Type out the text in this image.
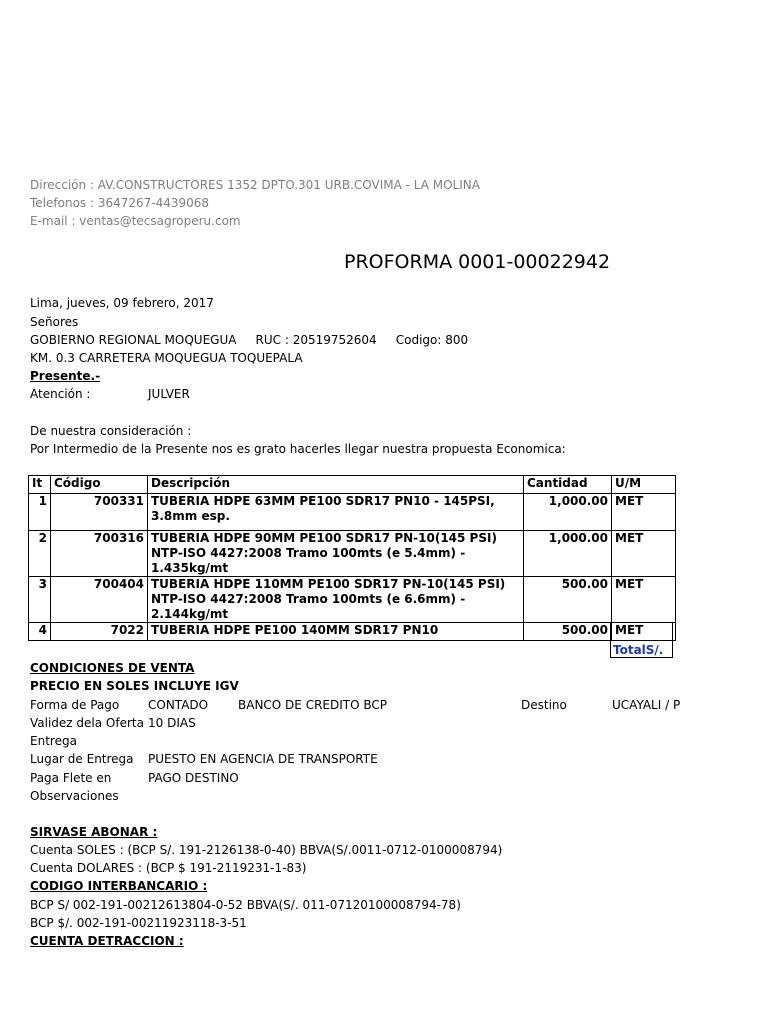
Dirección : AV.CONSTRUCTORES 1352 DPTO.301 URB.COVIMA - LA MOLINA
Telefonos : 3647267-4439068
E-mail : ventas@tecsagroperu.com
PROFORMA 0001-00022942
Lima, jueves, 09 febrero, 2017
Señores
GOBIERNO REGIONAL MOQUEGUA     RUC : 20519752604     Codigo: 800
KM. 0.3 CARRETERA MOQUEGUA TOQUEPALA
Presente.-
Atención :	JULVER
De nuestra consideración :
Por Intermedio de la Presente nos es grato hacerles llegar nuestra propuesta Economica:
It	Código	Descripción	Cantidad	U/M
1	700331	TUBERIA HDPE 63MM PE100 SDR17 PN10 - 145PSI, 3.8mm esp.	1,000.00	MET
2	700316	TUBERIA HDPE 90MM PE100 SDR17 PN-10(145 PSI) NTP-ISO 4427:2008 Tramo 100mts (e 5.4mm) - 1.435kg/mt	1,000.00	MET
3	700404	TUBERIA HDPE 110MM PE100 SDR17 PN-10(145 PSI) NTP-ISO 4427:2008 Tramo 100mts (e 6.6mm) - 2.144kg/mt	500.00	MET
4	7022	TUBERIA HDPE PE100 140MM SDR17 PN10	500.00	MET
TotalS/.
CONDICIONES DE VENTA
PRECIO EN SOLES INCLUYE IGV
Forma de Pago CONTADO BANCO DE CREDITO BCP	Destino	UCAYALI / P
Validez dela Oferta 10 DIAS
Entrega
Lugar de Entrega PUESTO EN AGENCIA DE TRANSPORTE
Paga Flete en	PAGO DESTINO
Observaciones
SIRVASE ABONAR :
Cuenta SOLES : (BCP S/. 191-2126138-0-40) BBVA(S/.0011-0712-0100008794)
Cuenta DOLARES : (BCP $ 191-2119231-1-83)
CODIGO INTERBANCARIO :
BCP S/ 002-191-00212613804-0-52 BBVA(S/. 011-07120100008794-78)
BCP $/. 002-191-00211923118-3-51
CUENTA DETRACCION :
